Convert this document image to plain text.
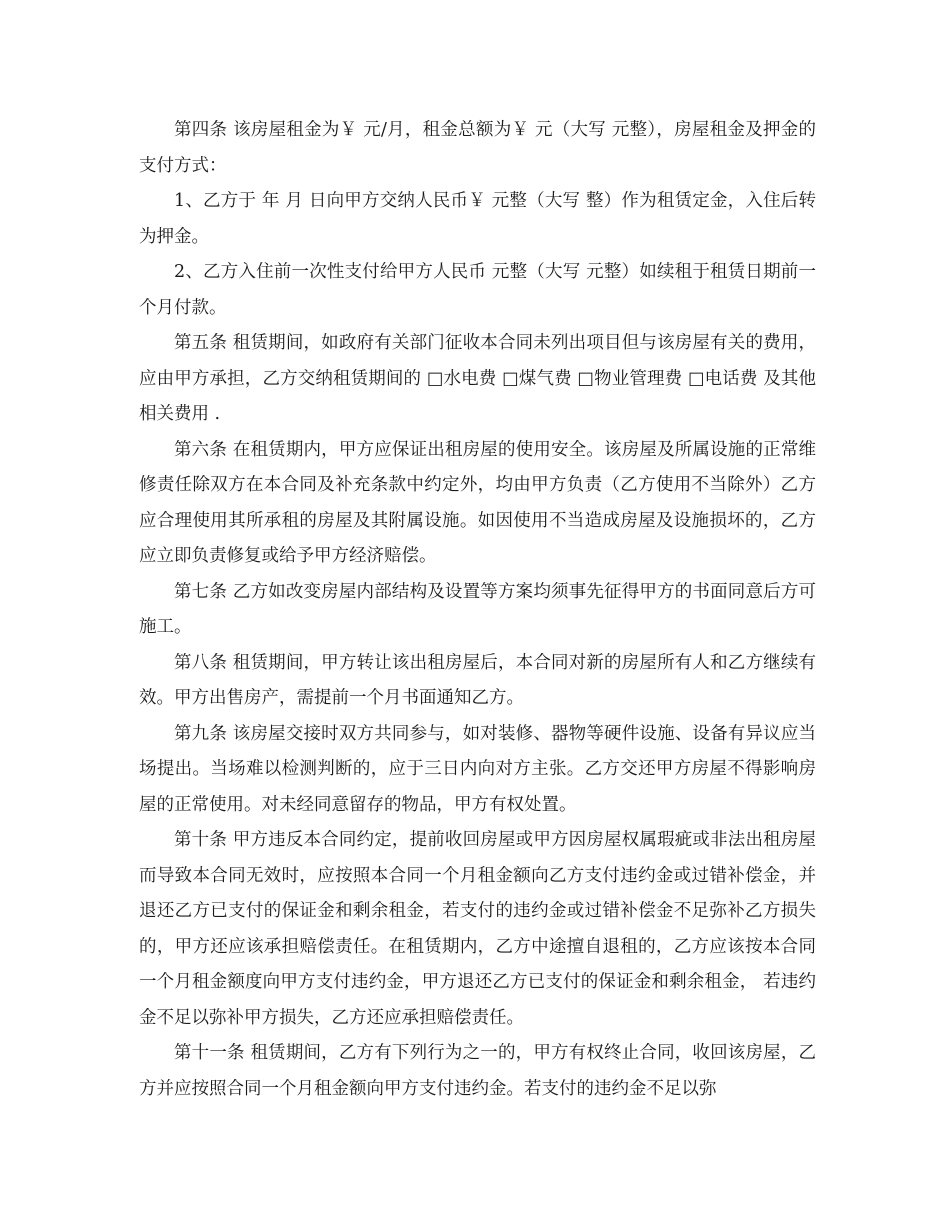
第四条 该房屋租金为￥ 元/月，租金总额为￥ 元（大写 元整），房屋租金及押金的支付方式：

1、乙方于 年 月 日向甲方交纳人民币￥ 元整（大写 整）作为租赁定金，入住后转为押金。

2、乙方入住前一次性支付给甲方人民币 元整（大写 元整）如续租于租赁日期前一个月付款。

第五条 租赁期间，如政府有关部门征收本合同未列出项目但与该房屋有关的费用，应由甲方承担，乙方交纳租赁期间的 □水电费 □煤气费 □物业管理费 □电话费 及其他相关费用 .

第六条 在租赁期内，甲方应保证出租房屋的使用安全。该房屋及所属设施的正常维修责任除双方在本合同及补充条款中约定外，均由甲方负责（乙方使用不当除外）乙方应合理使用其所承租的房屋及其附属设施。如因使用不当造成房屋及设施损坏的，乙方应立即负责修复或给予甲方经济赔偿。

第七条 乙方如改变房屋内部结构及设置等方案均须事先征得甲方的书面同意后方可施工。

第八条 租赁期间，甲方转让该出租房屋后，本合同对新的房屋所有人和乙方继续有效。甲方出售房产，需提前一个月书面通知乙方。

第九条 该房屋交接时双方共同参与，如对装修、器物等硬件设施、设备有异议应当场提出。当场难以检测判断的，应于三日内向对方主张。乙方交还甲方房屋不得影响房屋的正常使用。对未经同意留存的物品，甲方有权处置。

第十条 甲方违反本合同约定，提前收回房屋或甲方因房屋权属瑕疵或非法出租房屋而导致本合同无效时，应按照本合同一个月租金额向乙方支付违约金或过错补偿金，并退还乙方已支付的保证金和剩余租金，若支付的违约金或过错补偿金不足弥补乙方损失的，甲方还应该承担赔偿责任。在租赁期内，乙方中途擅自退租的，乙方应该按本合同一个月租金额度向甲方支付违约金，甲方退还乙方已支付的保证金和剩余租金， 若违约金不足以弥补甲方损失，乙方还应承担赔偿责任。

第十一条 租赁期间，乙方有下列行为之一的，甲方有权终止合同，收回该房屋，乙方并应按照合同一个月租金额向甲方支付违约金。若支付的违约金不足以弥
